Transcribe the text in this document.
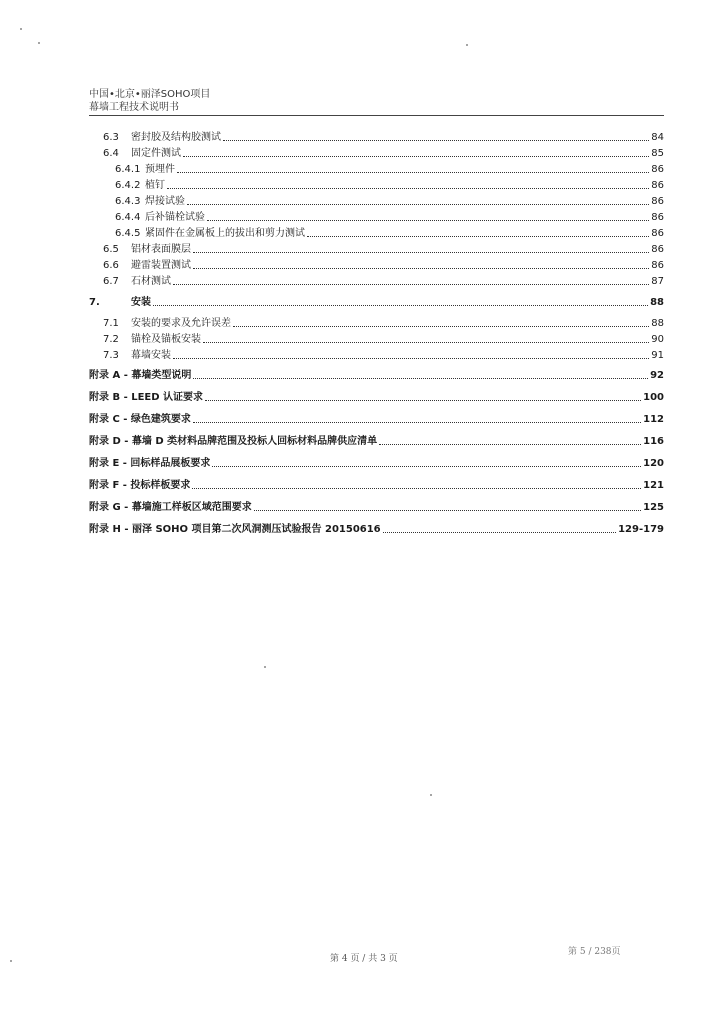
中国•北京•丽泽SOHO项目
幕墙工程技术说明书
6.3	密封胶及结构胶测试	84
6.4	固定件测试	85
6.4.1 预埋件	86
6.4.2 植钉	86
6.4.3 焊接试验	86
6.4.4 后补锚栓试验	86
6.4.5 紧固件在金属板上的拔出和剪力测试	86
6.5	铝材表面膜层	86
6.6	避雷装置测试	86
6.7	石材测试	87
7.	安装	88
7.1	安装的要求及允许误差	88
7.2	锚栓及锚板安装	90
7.3	幕墙安装	91
附录 A - 幕墙类型说明	92
附录 B - LEED 认证要求	100
附录 C - 绿色建筑要求	112
附录 D - 幕墙 D 类材料品牌范围及投标人回标材料品牌供应清单	116
附录 E - 回标样品展板要求	120
附录 F - 投标样板要求	121
附录 G - 幕墙施工样板区域范围要求	125
附录 H - 丽泽 SOHO 项目第二次风洞测压试验报告 20150616	129-179
第 4 页 / 共 3 页
第 5 / 238页
